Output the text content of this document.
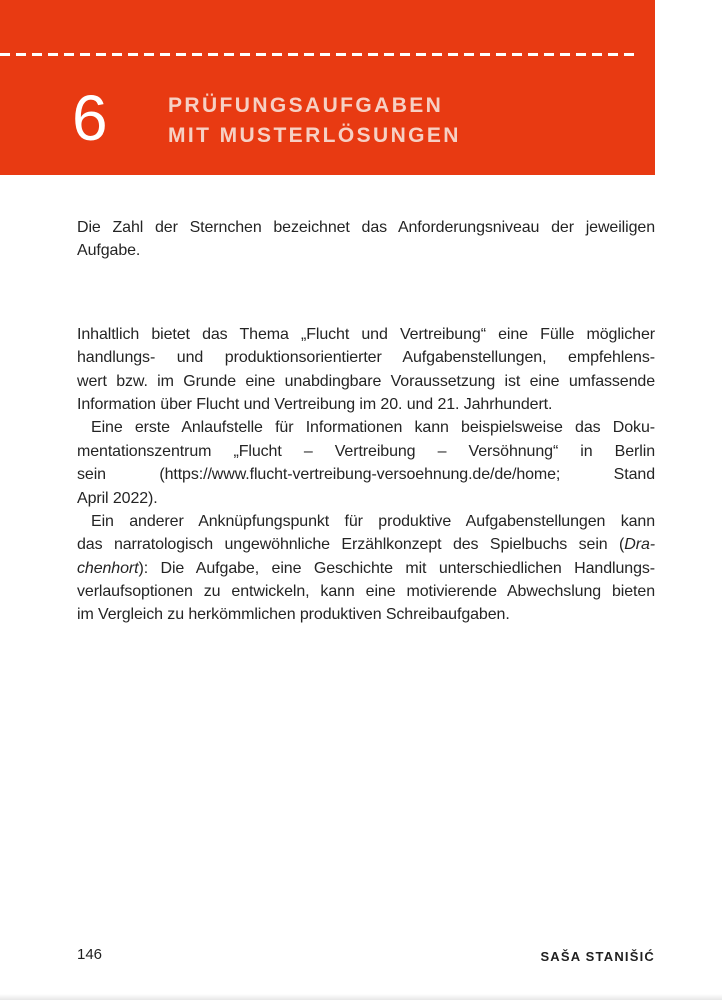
6	PRÜFUNGSAUFGABEN
MIT MUSTERLÖSUNGEN
Die Zahl der Sternchen bezeichnet das Anforderungsniveau der jeweiligen
Aufgabe.
Inhaltlich bietet das Thema „Flucht und Vertreibung“ eine Fülle möglicher
handlungs- und produktionsorientierter Aufgabenstellungen, empfehlens-
wert bzw. im Grunde eine unabdingbare Voraussetzung ist eine umfassende
Information über Flucht und Vertreibung im 20. und 21. Jahrhundert.
Eine erste Anlaufstelle für Informationen kann beispielsweise das Doku-
mentationszentrum „Flucht – Vertreibung – Versöhnung“ in Berlin
sein (https://www.flucht-vertreibung-versoehnung.de/de/home; Stand
April 2022).
Ein anderer Anknüpfungspunkt für produktive Aufgabenstellungen kann
das narratologisch ungewöhnliche Erzählkonzept des Spielbuchs sein (Dra-
chenhort): Die Aufgabe, eine Geschichte mit unterschiedlichen Handlungs-
verlaufsoptionen zu entwickeln, kann eine motivierende Abwechslung bieten
im Vergleich zu herkömmlichen produktiven Schreibaufgaben.
146	SAŠA STANIŠIĆ
